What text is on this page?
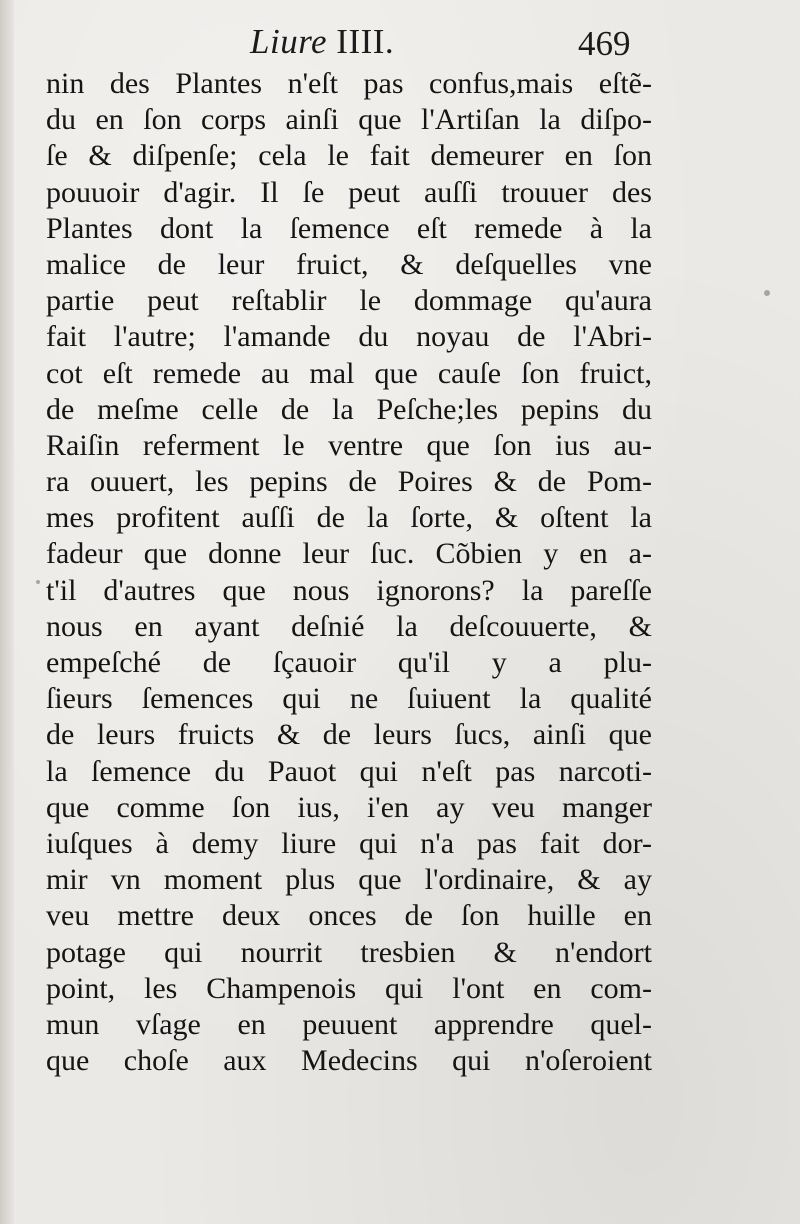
Liure IIII.	469
nin des Plantes n'eſt pas confus,mais eſtẽ-
du en ſon corps ainſi que l'Artiſan la diſpo-
ſe & diſpenſe; cela le fait demeurer en ſon
pouuoir d'agir. Il ſe peut auſſi trouuer des
Plantes dont la ſemence eſt remede à la
malice de leur fruict, & deſquelles vne
partie peut reſtablir le dommage qu'aura
fait l'autre; l'amande du noyau de l'Abri-
cot eſt remede au mal que cauſe ſon fruict,
de meſme celle de la Peſche;les pepins du
Raiſin referment le ventre que ſon ius au-
ra ouuert, les pepins de Poires & de Pom-
mes profitent auſſi de la ſorte, & oſtent la
fadeur que donne leur ſuc. Cõbien y en a-
t'il d'autres que nous ignorons? la pareſſe
nous en ayant deſnié la deſcouuerte, &
empeſché de ſçauoir qu'il y a plu-
ſieurs ſemences qui ne ſuiuent la qualité
de leurs fruicts & de leurs ſucs, ainſi que
la ſemence du Pauot qui n'eſt pas narcoti-
que comme ſon ius, i'en ay veu manger
iuſques à demy liure qui n'a pas fait dor-
mir vn moment plus que l'ordinaire, & ay
veu mettre deux onces de ſon huille en
potage qui nourrit tresbien & n'endort
point, les Champenois qui l'ont en com-
mun vſage en peuuent apprendre quel-
que choſe aux Medecins qui n'oſeroient
